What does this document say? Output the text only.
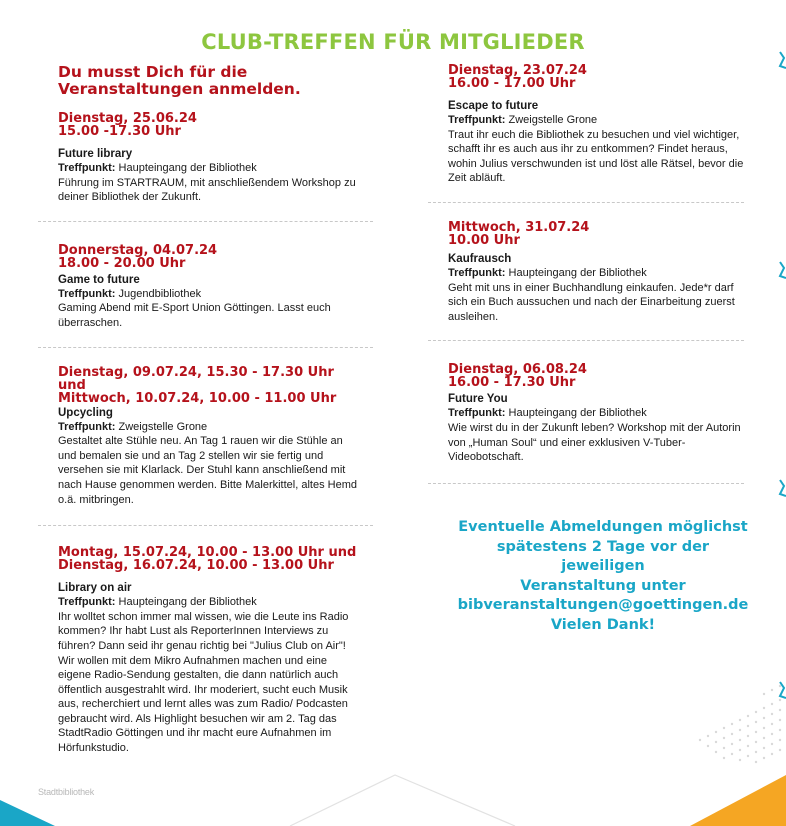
CLUB-TREFFEN FÜR MITGLIEDER

Du musst Dich für die Veranstaltungen anmelden.

Dienstag, 25.06.24

15.00 -17.30 Uhr

Future library

Treffpunkt: Haupteingang der Bibliothek

Führung im STARTRAUM, mit anschließendem Workshop zu deiner Bibliothek der Zukunft.

Donnerstag, 04.07.24

18.00 - 20.00 Uhr

Game to future

Treffpunkt: Jugendbibliothek

Gaming Abend mit E-Sport Union Göttingen. Lasst euch überraschen.

Dienstag, 09.07.24, 15.30 - 17.30 Uhr und

Mittwoch, 10.07.24, 10.00 - 11.00 Uhr

Upcycling

Treffpunkt: Zweigstelle Grone

Gestaltet alte Stühle neu. An Tag 1 rauen wir die Stühle an und bemalen sie und an Tag 2 stellen wir sie fertig und versehen sie mit Klarlack. Der Stuhl kann anschließend mit nach Hause genommen werden. Bitte Malerkittel, altes Hemd o.ä. mitbringen.

Montag, 15.07.24, 10.00 - 13.00 Uhr und

Dienstag, 16.07.24, 10.00 - 13.00 Uhr

Library on air

Treffpunkt: Haupteingang der Bibliothek

Ihr wolltet schon immer mal wissen, wie die Leute ins Radio kommen? Ihr habt Lust als ReporterInnen Interviews zu führen? Dann seid ihr genau richtig bei "Julius Club on Air"! Wir wollen mit dem Mikro Aufnahmen machen und eine eigene Radio-Sendung gestalten, die dann natürlich auch öffentlich ausgestrahlt wird. Ihr moderiert, sucht euch Musik aus, recherchiert und lernt alles was zum Radio/ Podcasten gebraucht wird. Als Highlight besuchen wir am 2. Tag das StadtRadio Göttingen und ihr macht eure Aufnahmen im Hörfunkstudio.

Dienstag, 23.07.24

16.00 - 17.00 Uhr

Escape to future

Treffpunkt: Zweigstelle Grone

Traut ihr euch die Bibliothek zu besuchen und viel wichtiger, schafft ihr es auch aus ihr zu entkommen? Findet heraus, wohin Julius verschwunden ist und löst alle Rätsel, bevor die Zeit abläuft.

Mittwoch, 31.07.24

10.00 Uhr

Kaufrausch

Treffpunkt: Haupteingang der Bibliothek

Geht mit uns in einer Buchhandlung einkaufen. Jede*r darf sich ein Buch aussuchen und nach der Einarbeitung zuerst ausleihen.

Dienstag, 06.08.24

16.00 - 17.30 Uhr

Future You

Treffpunkt: Haupteingang der Bibliothek

Wie wirst du in der Zukunft leben? Workshop mit der Autorin von „Human Soul“ und einer exklusiven V-Tuber-Videobotschaft.

Eventuelle Abmeldungen möglichst
spätestens 2 Tage vor der jeweiligen
Veranstaltung unter
bibveranstaltungen@goettingen.de
Vielen Dank!
Stadtbibliothek
